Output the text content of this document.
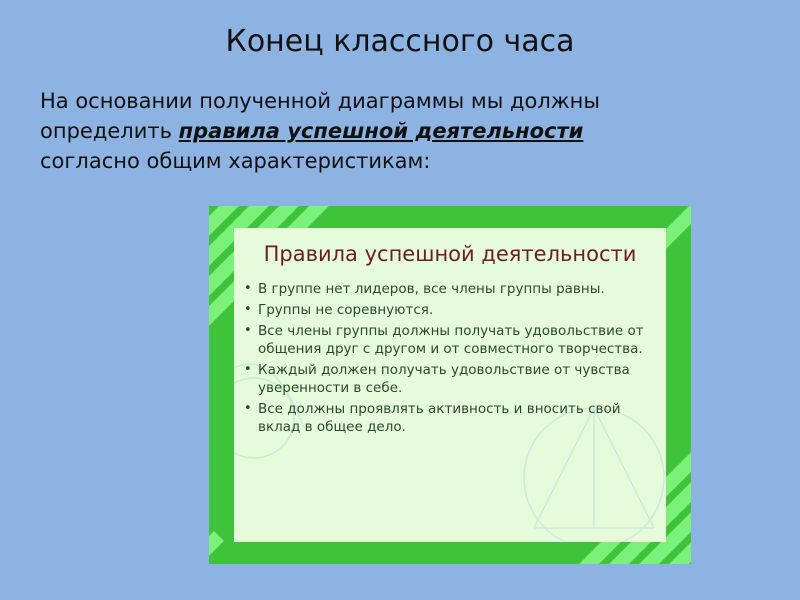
Конец классного часа
На основании полученной диаграммы мы должны определить правила успешной деятельности согласно общим характеристикам:
Правила успешной деятельности
• В группе нет лидеров, все члены группы равны.
• Группы не соревнуются.
• Все члены группы должны получать удовольствие от общения друг с другом и от совместного творчества.
• Каждый должен получать удовольствие от чувства уверенности в себе.
• Все должны проявлять активность и вносить свой вклад в общее дело.
